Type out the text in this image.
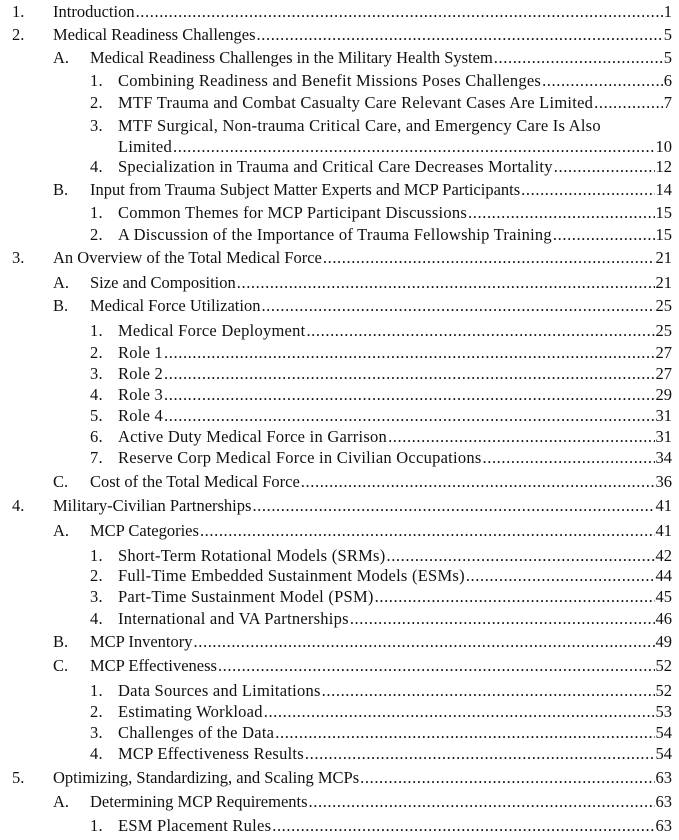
1. Introduction .....	1
2. Medical Readiness Challenges .....	5
A. Medical Readiness Challenges in the Military Health System .....	5
1. Combining Readiness and Benefit Missions Poses Challenges .....	6
2. MTF Trauma and Combat Casualty Care Relevant Cases Are Limited .....	7
3. MTF Surgical, Non-trauma Critical Care, and Emergency Care Is Also
Limited .....	10
4. Specialization in Trauma and Critical Care Decreases Mortality .....	12
B. Input from Trauma Subject Matter Experts and MCP Participants .....	14
1. Common Themes for MCP Participant Discussions .....	15
2. A Discussion of the Importance of Trauma Fellowship Training .....	15
3. An Overview of the Total Medical Force .....	21
A. Size and Composition .....	21
B. Medical Force Utilization .....	25
1. Medical Force Deployment .....	25
2. Role 1 .....	27
3. Role 2 .....	27
4. Role 3 .....	29
5. Role 4 .....	31
6. Active Duty Medical Force in Garrison .....	31
7. Reserve Corp Medical Force in Civilian Occupations .....	34
C. Cost of the Total Medical Force .....	36
4. Military-Civilian Partnerships .....	41
A. MCP Categories .....	41
1. Short-Term Rotational Models (SRMs) .....	42
2. Full-Time Embedded Sustainment Models (ESMs) .....	44
3. Part-Time Sustainment Model (PSM) .....	45
4. International and VA Partnerships .....	46
B. MCP Inventory .....	49
C. MCP Effectiveness .....	52
1. Data Sources and Limitations .....	52
2. Estimating Workload .....	53
3. Challenges of the Data .....	54
4. MCP Effectiveness Results .....	54
5. Optimizing, Standardizing, and Scaling MCPs .....	63
A. Determining MCP Requirements .....	63
1. ESM Placement Rules .....	63
